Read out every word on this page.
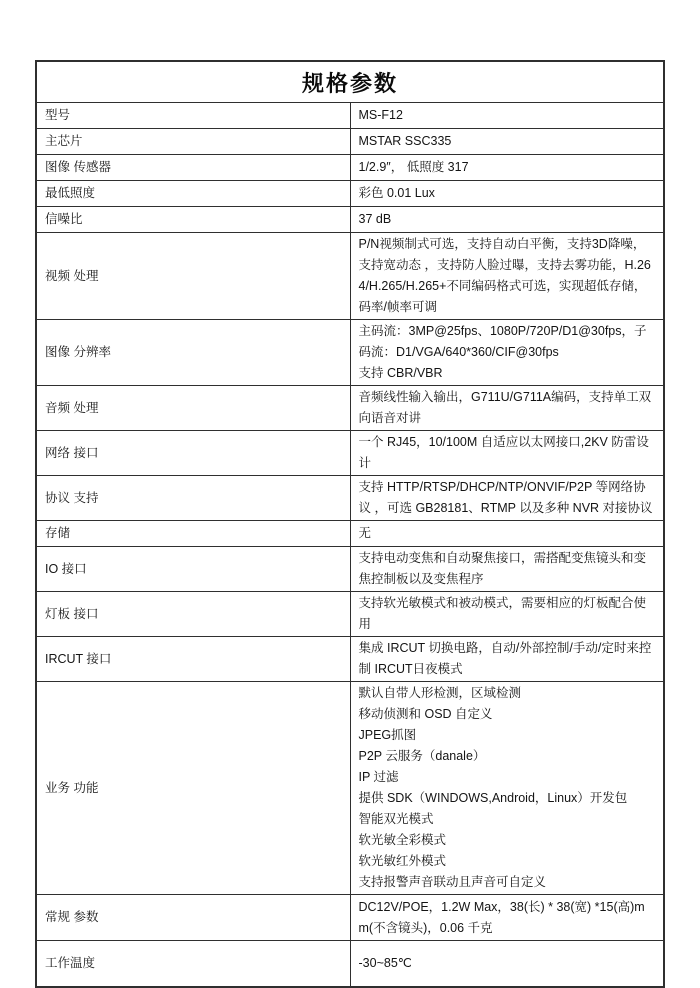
规格参数	
型号	MS-F12

主芯片	MSTAR SSC335

图像 传感器	1/2.9″， 低照度 317

最低照度	彩色 0.01 Lux

信噪比	37 dB

视频 处理	P/N视频制式可选，支持自动白平衡，支持3D降噪，支持宽动态 ，支持防人脸过曝，支持去雾功能，H.264/H.265/H.265+不同编码格式可选，实现超低存储，码率/帧率可调

图像 分辨率	主码流：3MP@25fps、1080P/720P/D1@30fps，子码流：D1/VGA/640*360/CIF@30fps
支持 CBR/VBR

音频 处理	音频线性输入输出，G711U/G711A编码，支持单工双向语音对讲

网络 接口	一个 RJ45，10/100M 自适应以太网接口,2KV 防雷设计

协议 支持	支持 HTTP/RTSP/DHCP/NTP/ONVIF/P2P 等网络协议 ，可选 GB28181、RTMP 以及多种 NVR 对接协议

存储	无

IO 接口	支持电动变焦和自动聚焦接口，需搭配变焦镜头和变焦控制板以及变焦程序

灯板 接口	支持软光敏模式和被动模式，需要相应的灯板配合使用

IRCUT 接口	集成 IRCUT 切换电路，自动/外部控制/手动/定时来控制 IRCUT日夜模式

业务 功能	
默认自带人形检测，区域检测
移动侦测和 OSD 自定义
JPEG抓图
P2P 云服务（danale）
IP 过滤
提供 SDK（WINDOWS,Android，Linux）开发包
智能双光模式
软光敏全彩模式
软光敏红外模式
支持报警声音联动且声音可自定义

常规 参数	DC12V/POE，1.2W Max，38(长) * 38(宽) *15(高)mm(不含镜头)，0.06 千克

工作温度	-30~85℃
